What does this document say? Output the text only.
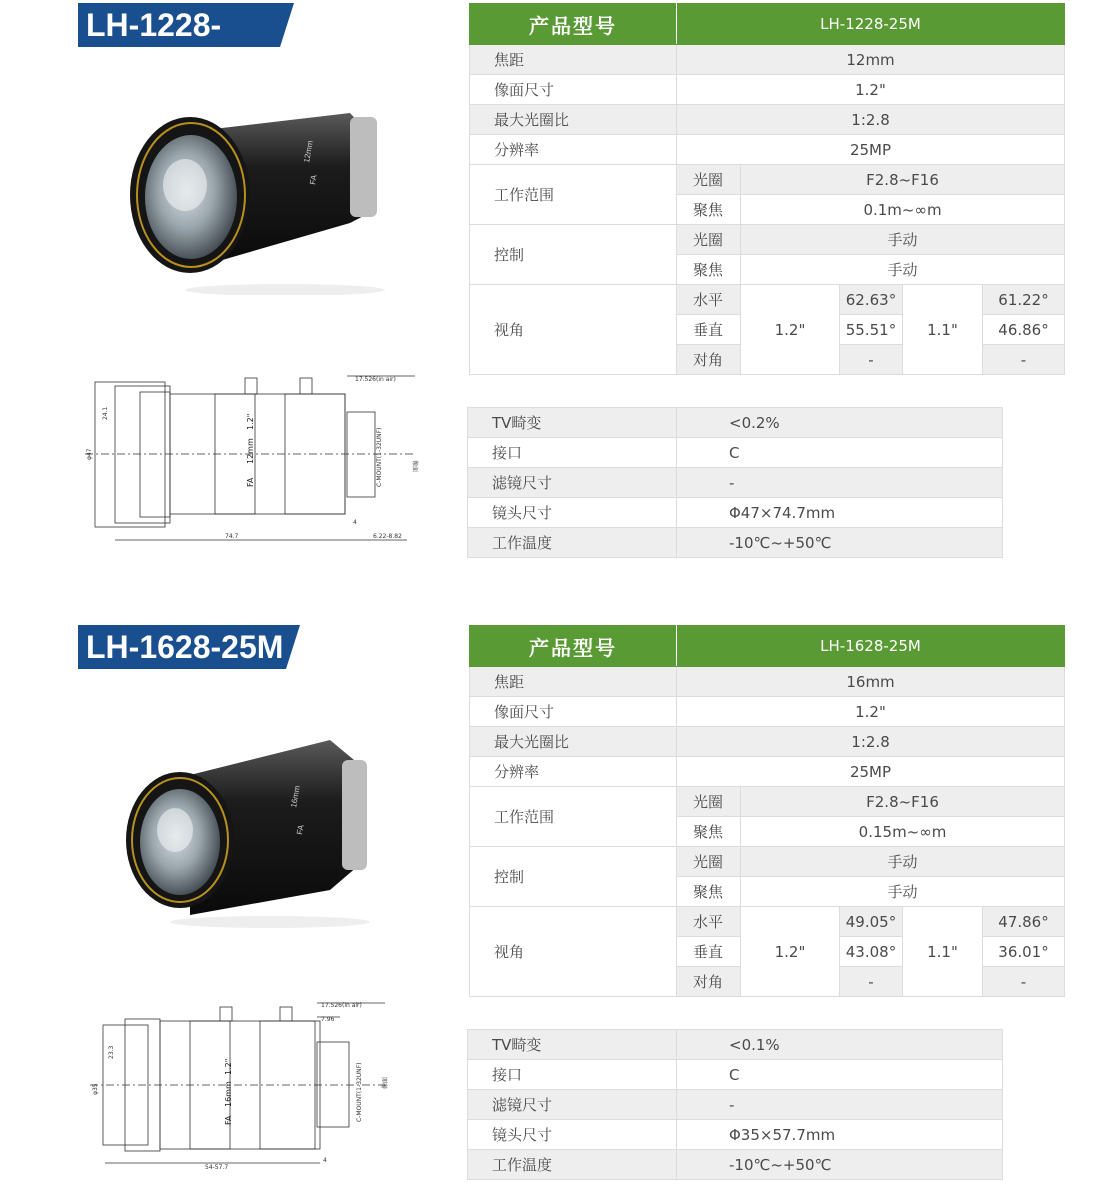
LH-1228-25M
FA
12mm
17.526(in air)
74.7	6.22-8.82
4
24.1
φ47	C-MOUNT(1-32UNF)	像面
FA
12mm
1.2"
产品型号	LH-1228-25M				
焦距	12mm				
像面尺寸	1.2"				
最大光圈比	1:2.8				
分辨率	25MP				
工作范围	光圈	F2.8~F16			
	聚焦	0.1m~∞m			
控制	光圈	手动			
	聚焦	手动			
视角	水平	1.2"	62.63°	1.1"	61.22°
	垂直		55.51°		46.86°
	对角		-		-
TV畸变	<0.2%
接口	C
滤镜尺寸	-
镜头尺寸	Φ47×74.7mm
工作温度	-10℃~+50℃
LH-1628-25M
FA
16mm
17.526(in air)
7.96
54-57.7
4
23.3
φ35	C-MOUNT(1-32UNF)	像面
FA
16mm
1.2"
产品型号	LH-1628-25M				
焦距	16mm				
像面尺寸	1.2"				
最大光圈比	1:2.8				
分辨率	25MP				
工作范围	光圈	F2.8~F16			
	聚焦	0.15m~∞m			
控制	光圈	手动			
	聚焦	手动			
视角	水平	1.2"	49.05°	1.1"	47.86°
	垂直		43.08°		36.01°
	对角		-		-
TV畸变	<0.1%
接口	C
滤镜尺寸	-
镜头尺寸	Φ35×57.7mm
工作温度	-10℃~+50℃
